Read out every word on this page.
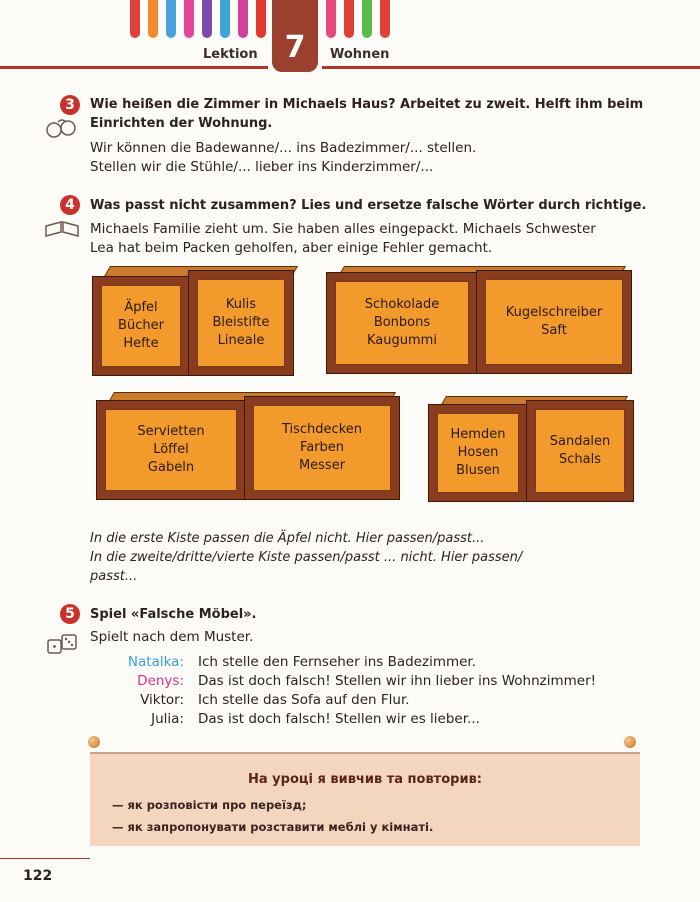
Lektion 7	Wohnen
3	Wie heißen die Zimmer in Michaels Haus? Arbeitet zu zweit. Helft ihm beim
Einrichten der Wohnung.
Wir können die Badewanne/... ins Badezimmer/... stellen.
Stellen wir die Stühle/... lieber ins Kinderzimmer/...
4	Was passt nicht zusammen? Lies und ersetze falsche Wörter durch richtige.
Michaels Familie zieht um. Sie haben alles eingepackt. Michaels Schwester
Lea hat beim Packen geholfen, aber einige Fehler gemacht.
Äpfel
Bücher
Hefte
Kulis
Bleistifte
Lineale
Schokolade
Bonbons
Kaugummi
Kugelschreiber
Saft
Servietten
Löffel
Gabeln
Tischdecken
Farben
Messer
Hemden
Hosen
Blusen
Sandalen
Schals
In die erste Kiste passen die Äpfel nicht. Hier passen/passt...
In die zweite/dritte/vierte Kiste passen/passt ... nicht. Hier passen/
passt...
5	Spiel «Falsche Möbel».
Spielt nach dem Muster.
Natalka: Ich stelle den Fernseher ins Badezimmer.
Denys: Das ist doch falsch! Stellen wir ihn lieber ins Wohnzimmer!
Viktor: Ich stelle das Sofa auf den Flur.
Julia: Das ist doch falsch! Stellen wir es lieber...
На уроці я вивчив та повторив:
— як розповісти про переїзд;
— як запропонувати розставити меблі у кімнаті.
122
